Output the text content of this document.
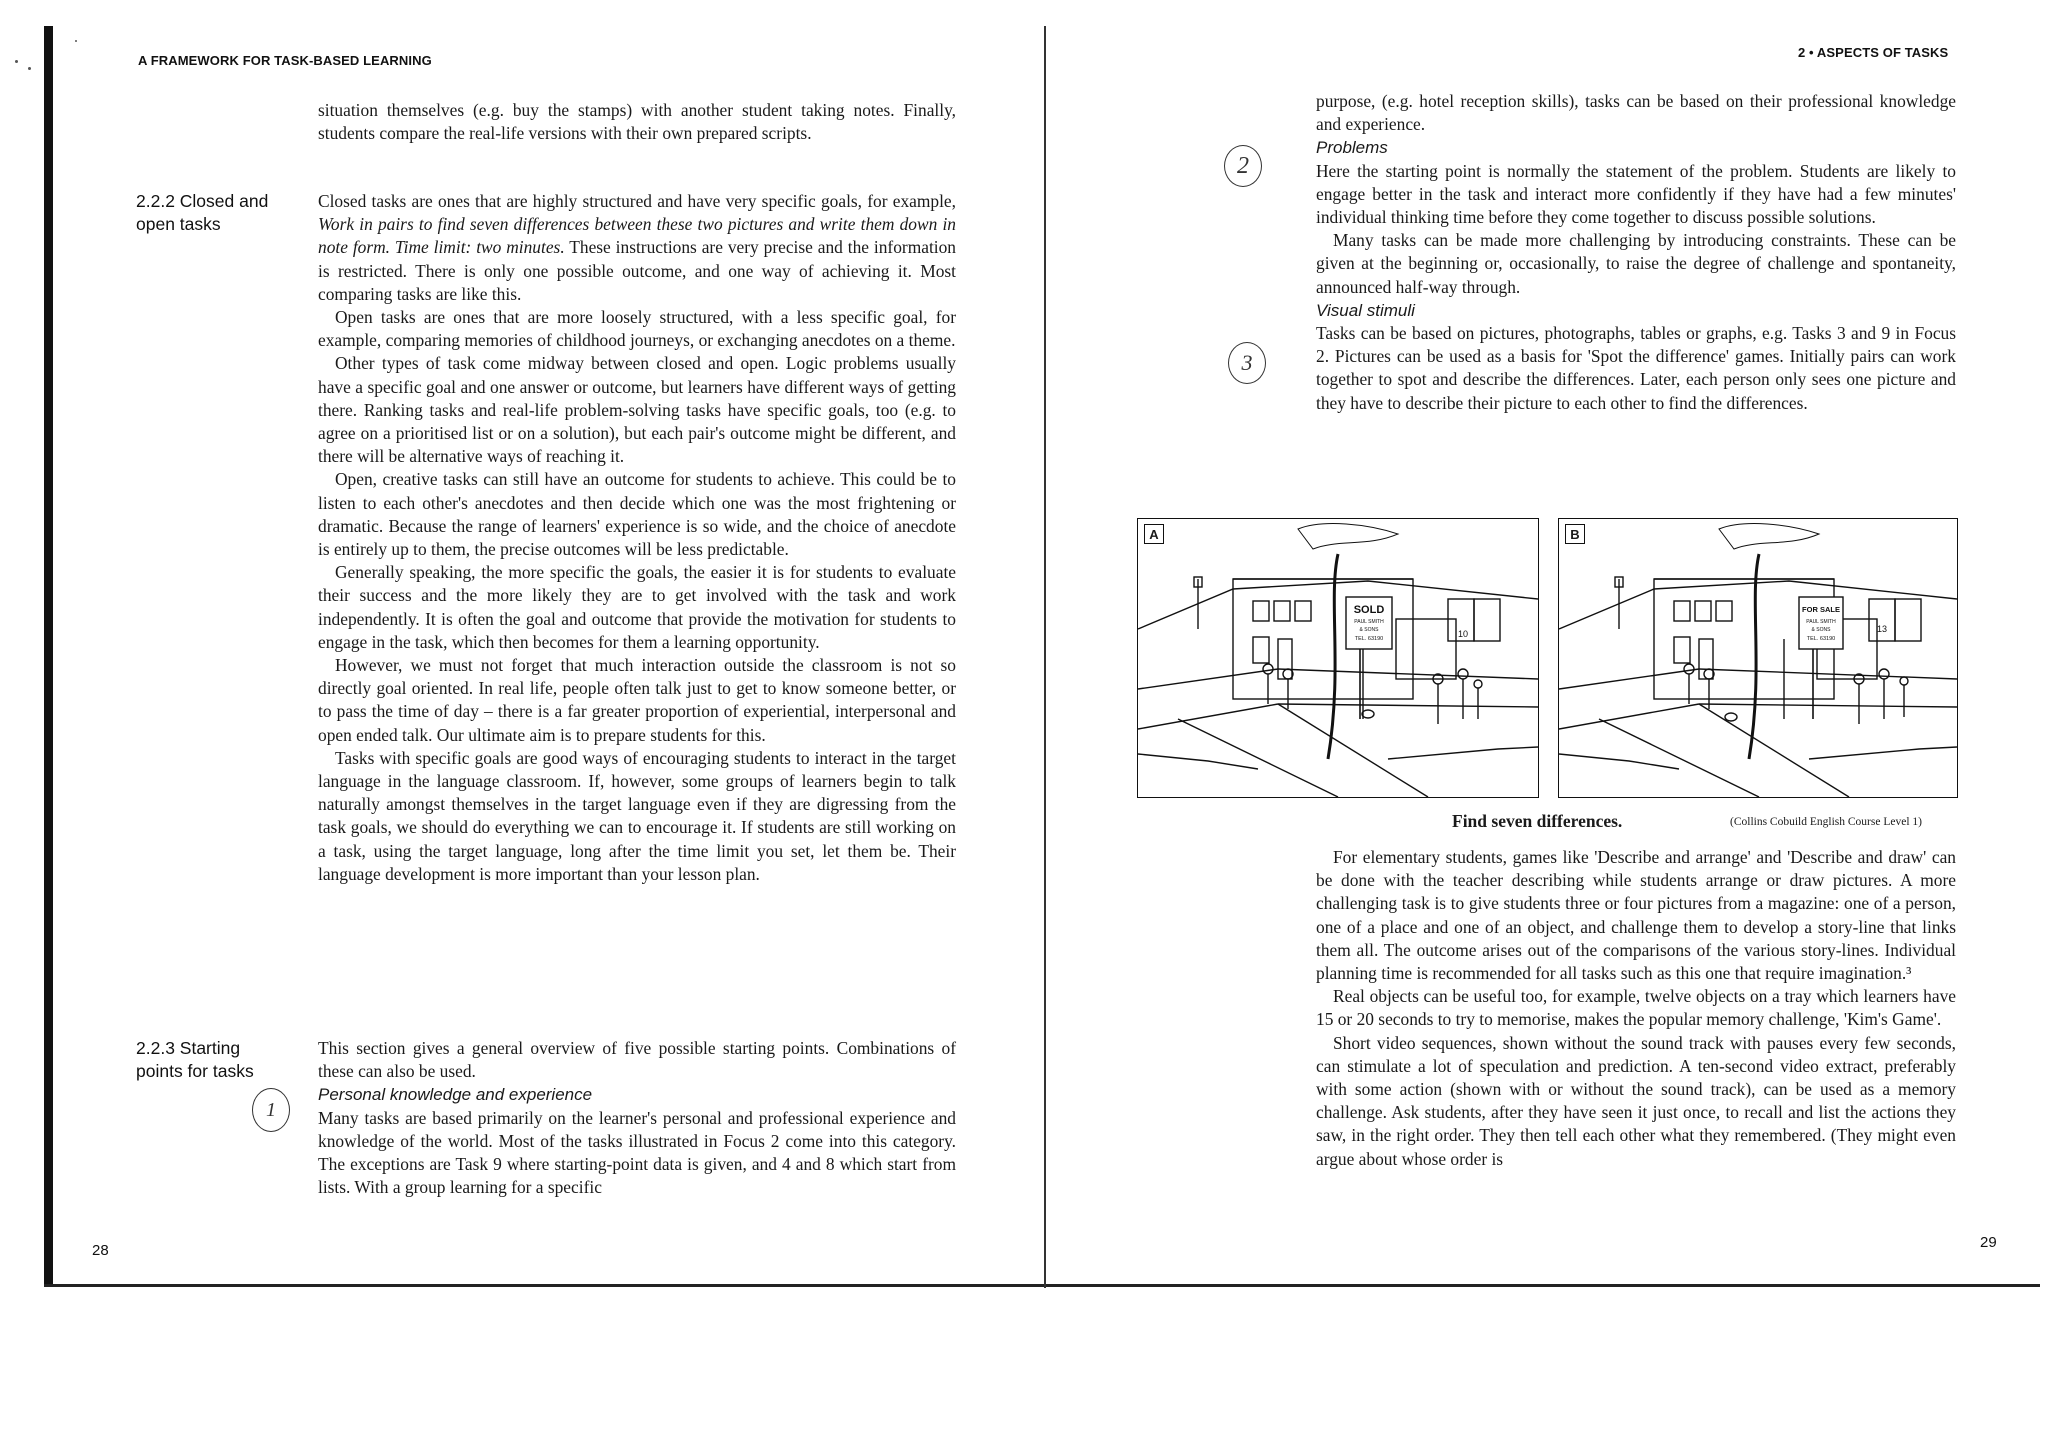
A FRAMEWORK FOR TASK-BASED LEARNING

situation themselves (e.g. buy the stamps) with another student taking notes. Finally, students compare the real-life versions with their own prepared scripts.

2.2.2 Closed and open tasks

Closed tasks are ones that are highly structured and have very specific goals, for example, Work in pairs to find seven differences between these two pictures and write them down in note form. Time limit: two minutes. These instructions are very precise and the information is restricted. There is only one possible outcome, and one way of achieving it. Most comparing tasks are like this.

Open tasks are ones that are more loosely structured, with a less specific goal, for example, comparing memories of childhood journeys, or exchanging anecdotes on a theme.

Other types of task come midway between closed and open. Logic problems usually have a specific goal and one answer or outcome, but learners have different ways of getting there. Ranking tasks and real-life problem-solving tasks have specific goals, too (e.g. to agree on a prioritised list or on a solution), but each pair's outcome might be different, and there will be alternative ways of reaching it.

Open, creative tasks can still have an outcome for students to achieve. This could be to listen to each other's anecdotes and then decide which one was the most frightening or dramatic. Because the range of learners' experience is so wide, and the choice of anecdote is entirely up to them, the precise outcomes will be less predictable.

Generally speaking, the more specific the goals, the easier it is for students to evaluate their success and the more likely they are to get involved with the task and work independently. It is often the goal and outcome that provide the motivation for students to engage in the task, which then becomes for them a learning opportunity.

However, we must not forget that much interaction outside the classroom is not so directly goal oriented. In real life, people often talk just to get to know someone better, or to pass the time of day – there is a far greater proportion of experiential, interpersonal and open ended talk. Our ultimate aim is to prepare students for this.

Tasks with specific goals are good ways of encouraging students to interact in the target language in the language classroom. If, however, some groups of learners begin to talk naturally amongst themselves in the target language even if they are digressing from the task goals, we should do everything we can to encourage it. If students are still working on a task, using the target language, long after the time limit you set, let them be. Their language development is more important than your lesson plan.

2.2.3 Starting points for tasks

This section gives a general overview of five possible starting points. Combinations of these can also be used.

Personal knowledge and experience

Many tasks are based primarily on the learner's personal and professional experience and knowledge of the world. Most of the tasks illustrated in Focus 2 come into this category. The exceptions are Task 9 where starting-point data is given, and 4 and 8 which start from lists. With a group learning for a specific

1
28
2 • ASPECTS OF TASKS

purpose, (e.g. hotel reception skills), tasks can be based on their professional knowledge and experience.

Problems

Here the starting point is normally the statement of the problem. Students are likely to engage better in the task and interact more confidently if they have had a few minutes' individual thinking time before they come together to discuss possible solutions.

Many tasks can be made more challenging by introducing constraints. These can be given at the beginning or, occasionally, to raise the degree of challenge and spontaneity, announced half-way through.

Visual stimuli

Tasks can be based on pictures, photographs, tables or graphs, e.g. Tasks 3 and 9 in Focus 2. Pictures can be used as a basis for 'Spot the difference' games. Initially pairs can work together to spot and describe the differences. Later, each person only sees one picture and they have to describe their picture to each other to find the differences.

2
3
SOLD
PAUL SMITH
& SONS
TEL. 63190	10
A
FOR SALE
PAUL SMITH
& SONS
TEL. 63190
13
B
Find seven differences.	(Collins Cobuild English Course Level 1)

For elementary students, games like 'Describe and arrange' and 'Describe and draw' can be done with the teacher describing while students arrange or draw pictures. A more challenging task is to give students three or four pictures from a magazine: one of a person, one of a place and one of an object, and challenge them to develop a story-line that links them all. The outcome arises out of the comparisons of the various story-lines. Individual planning time is recommended for all tasks such as this one that require imagination.³

Real objects can be useful too, for example, twelve objects on a tray which learners have 15 or 20 seconds to try to memorise, makes the popular memory challenge, 'Kim's Game'.

Short video sequences, shown without the sound track with pauses every few seconds, can stimulate a lot of speculation and prediction. A ten-second video extract, preferably with some action (shown with or without the sound track), can be used as a memory challenge. Ask students, after they have seen it just once, to recall and list the actions they saw, in the right order. They then tell each other what they remembered. (They might even argue about whose order is

29
